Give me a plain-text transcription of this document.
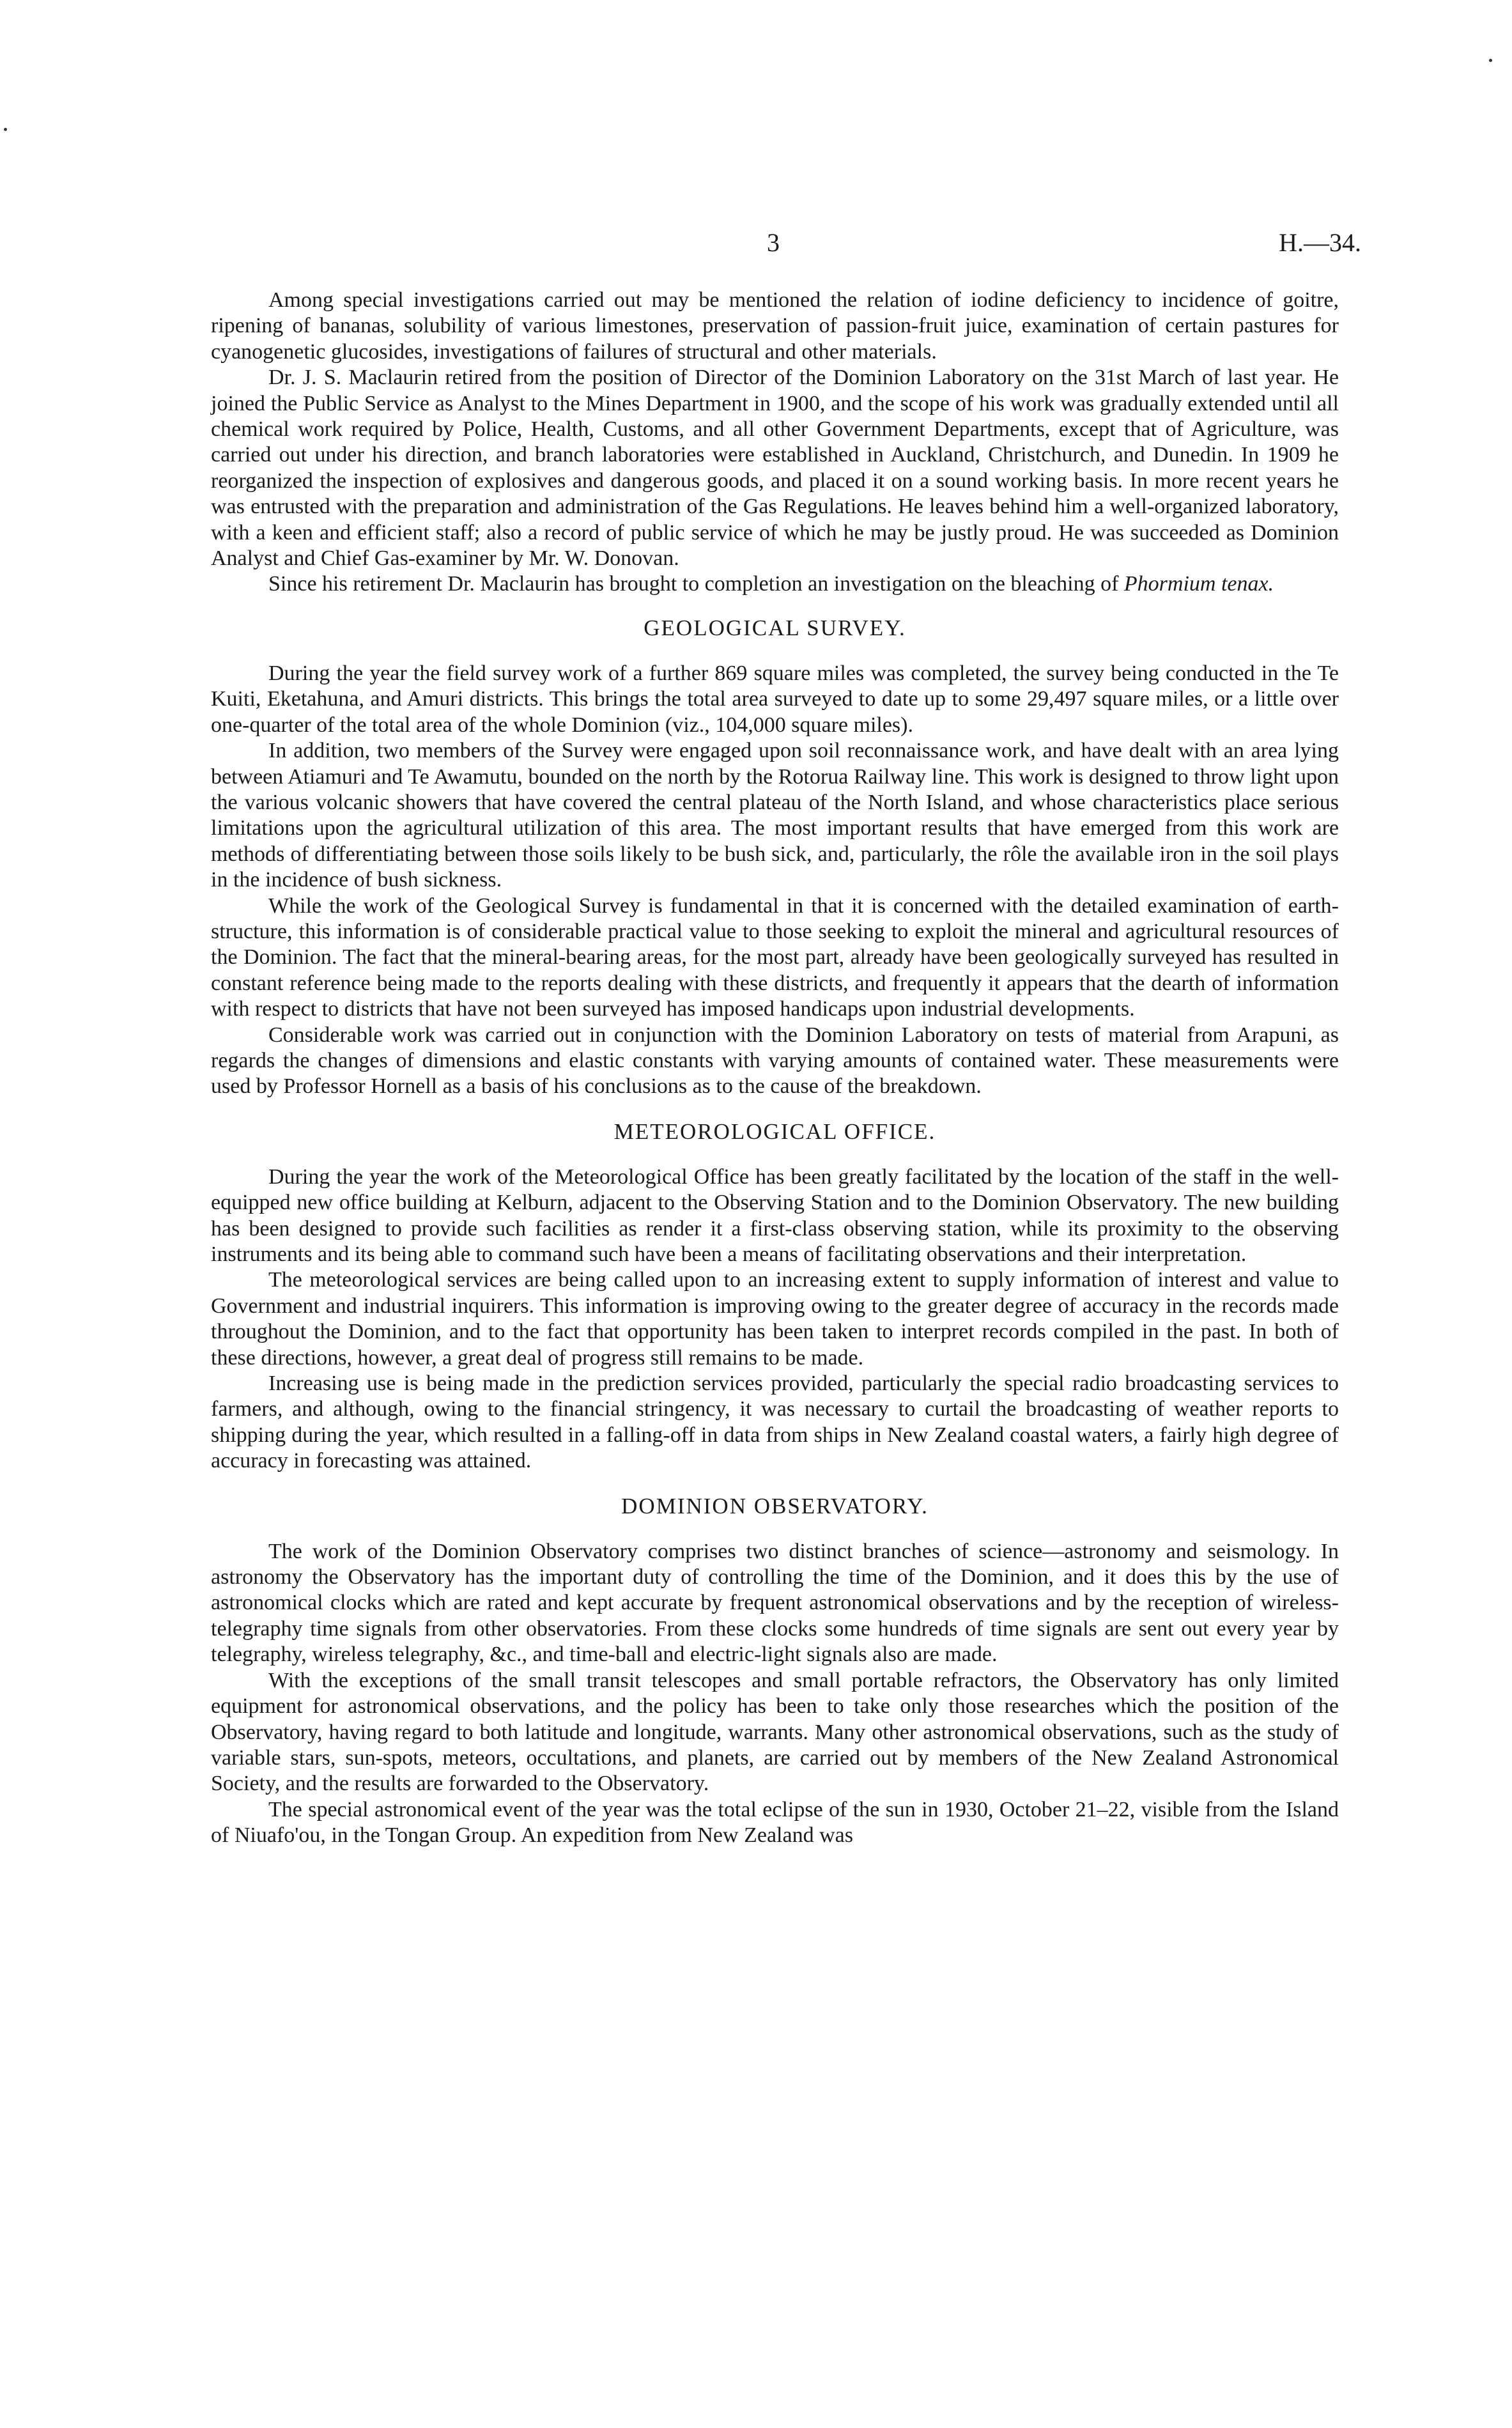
3	H.—34.

Among special investigations carried out may be mentioned the relation of iodine deficiency to incidence of goitre, ripening of bananas, solubility of various limestones, preservation of passion-fruit juice, examination of certain pastures for cyanogenetic glucosides, investigations of failures of structural and other materials.

Dr. J. S. Maclaurin retired from the position of Director of the Dominion Laboratory on the 31st March of last year. He joined the Public Service as Analyst to the Mines Department in 1900, and the scope of his work was gradually extended until all chemical work required by Police, Health, Customs, and all other Government Departments, except that of Agriculture, was carried out under his direction, and branch laboratories were established in Auckland, Christchurch, and Dunedin. In 1909 he reorganized the inspection of explosives and dangerous goods, and placed it on a sound working basis. In more recent years he was entrusted with the preparation and administration of the Gas Regulations. He leaves behind him a well-organized laboratory, with a keen and efficient staff; also a record of public service of which he may be justly proud. He was succeeded as Dominion Analyst and Chief Gas-examiner by Mr. W. Donovan.

Since his retirement Dr. Maclaurin has brought to completion an investigation on the bleaching of Phormium tenax.

GEOLOGICAL SURVEY.

During the year the field survey work of a further 869 square miles was completed, the survey being conducted in the Te Kuiti, Eketahuna, and Amuri districts. This brings the total area surveyed to date up to some 29,497 square miles, or a little over one-quarter of the total area of the whole Dominion (viz., 104,000 square miles).

In addition, two members of the Survey were engaged upon soil reconnaissance work, and have dealt with an area lying between Atiamuri and Te Awamutu, bounded on the north by the Rotorua Railway line. This work is designed to throw light upon the various volcanic showers that have covered the central plateau of the North Island, and whose characteristics place serious limitations upon the agricultural utilization of this area. The most important results that have emerged from this work are methods of differentiating between those soils likely to be bush sick, and, particularly, the rôle the available iron in the soil plays in the incidence of bush sickness.

While the work of the Geological Survey is fundamental in that it is concerned with the detailed examination of earth-structure, this information is of considerable practical value to those seeking to exploit the mineral and agricultural resources of the Dominion. The fact that the mineral-bearing areas, for the most part, already have been geologically surveyed has resulted in constant reference being made to the reports dealing with these districts, and frequently it appears that the dearth of information with respect to districts that have not been surveyed has imposed handicaps upon industrial developments.

Considerable work was carried out in conjunction with the Dominion Laboratory on tests of material from Arapuni, as regards the changes of dimensions and elastic constants with varying amounts of contained water. These measurements were used by Professor Hornell as a basis of his conclusions as to the cause of the breakdown.

METEOROLOGICAL OFFICE.

During the year the work of the Meteorological Office has been greatly facilitated by the location of the staff in the well-equipped new office building at Kelburn, adjacent to the Observing Station and to the Dominion Observatory. The new building has been designed to provide such facilities as render it a first-class observing station, while its proximity to the observing instruments and its being able to command such have been a means of facilitating observations and their interpretation.

The meteorological services are being called upon to an increasing extent to supply information of interest and value to Government and industrial inquirers. This information is improving owing to the greater degree of accuracy in the records made throughout the Dominion, and to the fact that opportunity has been taken to interpret records compiled in the past. In both of these directions, however, a great deal of progress still remains to be made.

Increasing use is being made in the prediction services provided, particularly the special radio broadcasting services to farmers, and although, owing to the financial stringency, it was necessary to curtail the broadcasting of weather reports to shipping during the year, which resulted in a falling-off in data from ships in New Zealand coastal waters, a fairly high degree of accuracy in forecasting was attained.

DOMINION OBSERVATORY.

The work of the Dominion Observatory comprises two distinct branches of science—astronomy and seismology. In astronomy the Observatory has the important duty of controlling the time of the Dominion, and it does this by the use of astronomical clocks which are rated and kept accurate by frequent astronomical observations and by the reception of wireless-telegraphy time signals from other observatories. From these clocks some hundreds of time signals are sent out every year by telegraphy, wireless telegraphy, &c., and time-ball and electric-light signals also are made.

With the exceptions of the small transit telescopes and small portable refractors, the Observatory has only limited equipment for astronomical observations, and the policy has been to take only those researches which the position of the Observatory, having regard to both latitude and longitude, warrants. Many other astronomical observations, such as the study of variable stars, sun-spots, meteors, occultations, and planets, are carried out by members of the New Zealand Astronomical Society, and the results are forwarded to the Observatory.

The special astronomical event of the year was the total eclipse of the sun in 1930, October 21–22, visible from the Island of Niuafo'ou, in the Tongan Group. An expedition from New Zealand was
